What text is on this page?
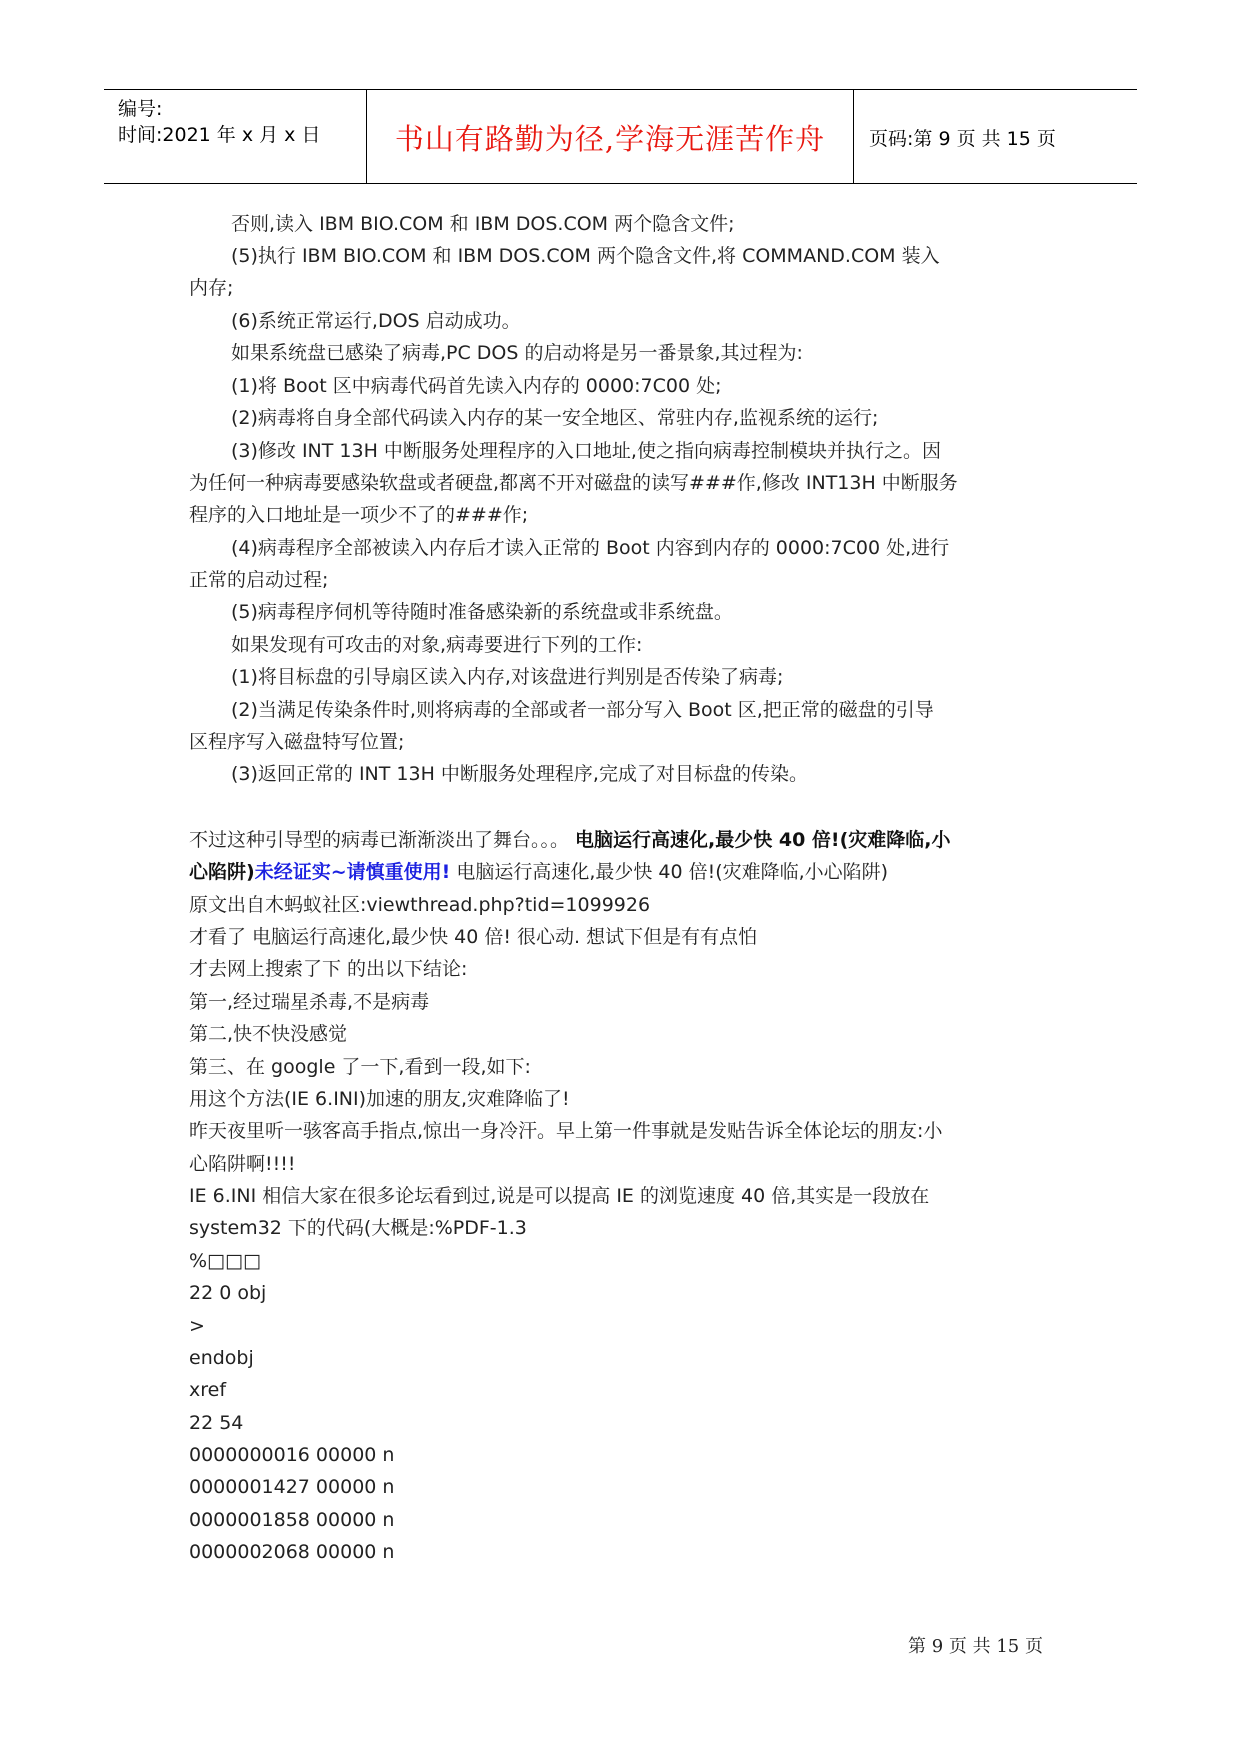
编号:
时间:2021 年 x 月 x 日	书山有路勤为径,学海无涯苦作舟	页码:第 9 页 共 15 页
否则,读入 IBM BIO.COM 和 IBM DOS.COM 两个隐含文件;
(5)执行 IBM BIO.COM 和 IBM DOS.COM 两个隐含文件,将 COMMAND.COM 装入
内存;
(6)系统正常运行,DOS 启动成功。
如果系统盘已感染了病毒,PC DOS 的启动将是另一番景象,其过程为:
(1)将 Boot 区中病毒代码首先读入内存的 0000:7C00 处;
(2)病毒将自身全部代码读入内存的某一安全地区、常驻内存,监视系统的运行;
(3)修改 INT 13H 中断服务处理程序的入口地址,使之指向病毒控制模块并执行之。因
为任何一种病毒要感染软盘或者硬盘,都离不开对磁盘的读写###作,修改 INT13H 中断服务
程序的入口地址是一项少不了的###作;
(4)病毒程序全部被读入内存后才读入正常的 Boot 内容到内存的 0000:7C00 处,进行
正常的启动过程;
(5)病毒程序伺机等待随时准备感染新的系统盘或非系统盘。
如果发现有可攻击的对象,病毒要进行下列的工作:
(1)将目标盘的引导扇区读入内存,对该盘进行判别是否传染了病毒;
(2)当满足传染条件时,则将病毒的全部或者一部分写入 Boot 区,把正常的磁盘的引导
区程序写入磁盘特写位置;
(3)返回正常的 INT 13H 中断服务处理程序,完成了对目标盘的传染。
不过这种引导型的病毒已渐渐淡出了舞台。。。 电脑运行高速化,最少快 40 倍!(灾难降临,小
心陷阱)未经证实~请慎重使用! 电脑运行高速化,最少快 40 倍!(灾难降临,小心陷阱)
原文出自木蚂蚁社区:viewthread.php?tid=1099926
才看了 电脑运行高速化,最少快 40 倍! 很心动. 想试下但是有有点怕
才去网上搜索了下 的出以下结论:
第一,经过瑞星杀毒,不是病毒
第二,快不快没感觉
第三、在 google 了一下,看到一段,如下:
用这个方法(IE 6.INI)加速的朋友,灾难降临了!
昨天夜里听一骇客高手指点,惊出一身冷汗。早上第一件事就是发贴告诉全体论坛的朋友:小
心陷阱啊!!!!
IE 6.INI 相信大家在很多论坛看到过,说是可以提高 IE 的浏览速度 40 倍,其实是一段放在
system32 下的代码(大概是:%PDF-1.3
%□□□
22 0 obj
>
endobj
xref
22 54
0000000016 00000 n
0000001427 00000 n
0000001858 00000 n
0000002068 00000 n
第 9 页 共 15 页
